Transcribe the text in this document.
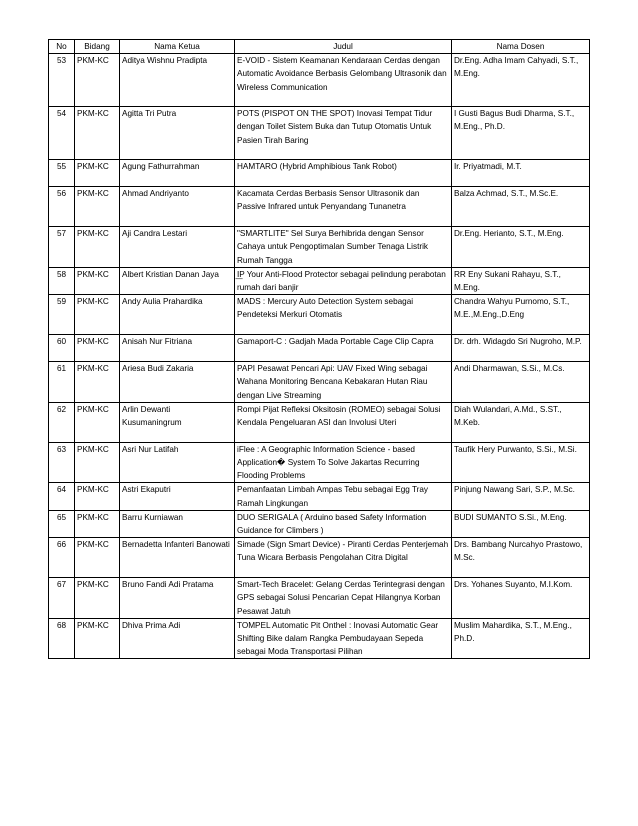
No	Bidang	Nama Ketua	Judul	Nama Dosen
53	PKM-KC	Aditya Wishnu Pradipta	E-VOID - Sistem Keamanan Kendaraan Cerdas dengan Automatic Avoidance Berbasis Gelombang Ultrasonik dan Wireless Communication	Dr.Eng. Adha Imam Cahyadi, S.T., M.Eng.
54	PKM-KC	Agitta Tri Putra	POTS (PISPOT ON THE SPOT) Inovasi Tempat Tidur dengan Toilet Sistem Buka dan Tutup Otomatis Untuk Pasien Tirah Baring	I Gusti Bagus Budi Dharma, S.T., M.Eng., Ph.D.
55	PKM-KC	Agung Fathurrahman	HAMTARO (Hybrid Amphibious Tank Robot)	Ir. Priyatmadi, M.T.
56	PKM-KC	Ahmad Andriyanto	Kacamata Cerdas Berbasis Sensor Ultrasonik dan Passive Infrared untuk Penyandang Tunanetra	Balza Achmad, S.T., M.Sc.E.
57	PKM-KC	Aji Candra Lestari	"SMARTLITE" Sel Surya Berhibrida dengan Sensor Cahaya untuk Pengoptimalan Sumber Tenaga Listrik Rumah Tangga	Dr.Eng. Herianto, S.T., M.Eng.
58	PKM-KC	Albert Kristian Danan Jaya	I͟P Your Anti-Flood Protector sebagai pelindung perabotan rumah dari banjir	RR Eny Sukani Rahayu, S.T., M.Eng.
59	PKM-KC	Andy Aulia Prahardika	MADS : Mercury Auto Detection System sebagai Pendeteksi Merkuri Otomatis	Chandra Wahyu Purnomo, S.T., M.E.,M.Eng.,D.Eng
60	PKM-KC	Anisah Nur Fitriana	Gamaport-C : Gadjah Mada Portable Cage Clip Capra	Dr. drh. Widagdo Sri Nugroho, M.P.
61	PKM-KC	Ariesa Budi Zakaria	PAPI Pesawat Pencari Api: UAV Fixed Wing sebagai Wahana Monitoring Bencana Kebakaran Hutan Riau dengan Live Streaming	Andi Dharmawan, S.Si., M.Cs.
62	PKM-KC	Arlin Dewanti Kusumaningrum	Rompi Pijat Refleksi Oksitosin (ROMEO) sebagai Solusi Kendala Pengeluaran ASI dan Involusi Uteri	Diah Wulandari, A.Md., S.ST., M.Keb.
63	PKM-KC	Asri Nur Latifah	iFlee : A Geographic Information Science - based Application� System To Solve Jakartas Recurring Flooding Problems	Taufik Hery Purwanto, S.Si., M.Si.
64	PKM-KC	Astri Ekaputri	Pemanfaatan Limbah Ampas Tebu sebagai Egg Tray Ramah Lingkungan	Pinjung Nawang Sari, S.P., M.Sc.
65	PKM-KC	Barru Kurniawan	DUO SERIGALA ( Arduino based Safety Information Guidance for Climbers )	BUDI SUMANTO S.Si., M.Eng.
66	PKM-KC	Bernadetta Infanteri Banowati	Simade (Sign Smart Device) - Piranti Cerdas Penterjemah Tuna Wicara Berbasis Pengolahan Citra Digital	Drs. Bambang Nurcahyo Prastowo, M.Sc.
67	PKM-KC	Bruno Fandi Adi Pratama	Smart-Tech Bracelet: Gelang Cerdas Terintegrasi dengan GPS sebagai Solusi Pencarian Cepat Hilangnya Korban Pesawat Jatuh	Drs. Yohanes Suyanto, M.I.Kom.
68	PKM-KC	Dhiva Prima Adi	TOMPEL Automatic Pit Onthel : Inovasi Automatic Gear Shifting Bike dalam Rangka Pembudayaan Sepeda sebagai Moda Transportasi Pilihan	Muslim Mahardika, S.T., M.Eng., Ph.D.
